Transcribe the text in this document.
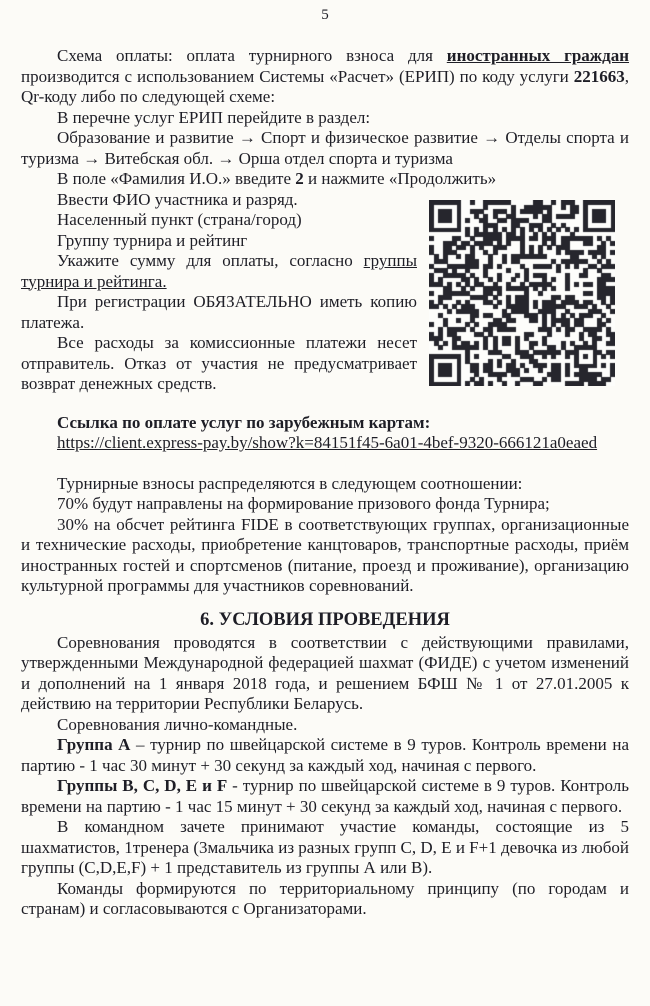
5

Схема оплаты: оплата турнирного взноса для иностранных граждан производится с использованием Системы «Расчет» (ЕРИП) по коду услуги 221663, Qr-коду либо по следующей схеме:

В перечне услуг ЕРИП перейдите в раздел:

Образование и развитие → Спорт и физическое развитие → Отделы спорта и туризма → Витебская обл. → Орша отдел спорта и туризма

В поле «Фамилия И.О.» введите 2 и нажмите «Продолжить»

Ввести ФИО участника и разряд.

Населенный пункт (страна/город)

Группу турнира и рейтинг

Укажите сумму для оплаты, согласно группы турнира и рейтинга.

При регистрации ОБЯЗАТЕЛЬНО иметь копию платежа.

Все расходы за комиссионные платежи несет отправитель. Отказ от участия не предусматривает возврат денежных средств.

Ссылка по оплате услуг по зарубежным картам:

https://client.express-pay.by/show?k=84151f45-6a01-4bef-9320-666121a0eaed

Турнирные взносы распределяются в следующем соотношении:

70% будут направлены на формирование призового фонда Турнира;

30% на обсчет рейтинга FIDE в соответствующих группах, организационные и технические расходы, приобретение канцтоваров, транспортные расходы, приём иностранных гостей и спортсменов (питание, проезд и проживание), организацию культурной программы для участников соревнований.

6. УСЛОВИЯ ПРОВЕДЕНИЯ

Соревнования проводятся в соответствии с действующими правилами, утвержденными Международной федерацией шахмат (ФИДЕ) с учетом изменений и дополнений на 1 января 2018 года, и решением БФШ № 1 от 27.01.2005 к действию на территории Республики Беларусь.

Соревнования лично-командные.

Группа А – турнир по швейцарской системе в 9 туров. Контроль времени на партию - 1 час 30 минут + 30 секунд за каждый ход, начиная с первого.

Группы B, C, D, E и F - турнир по швейцарской системе в 9 туров. Контроль времени на партию - 1 час 15 минут + 30 секунд за каждый ход, начиная с первого.

В командном зачете принимают участие команды, состоящие из 5 шахматистов, 1тренера (3мальчика из разных групп C, D, E и F+1 девочка из любой группы (C,D,E,F) + 1 представитель из группы А или В).

Команды формируются по территориальному принципу (по городам и странам) и согласовываются с Организаторами.
